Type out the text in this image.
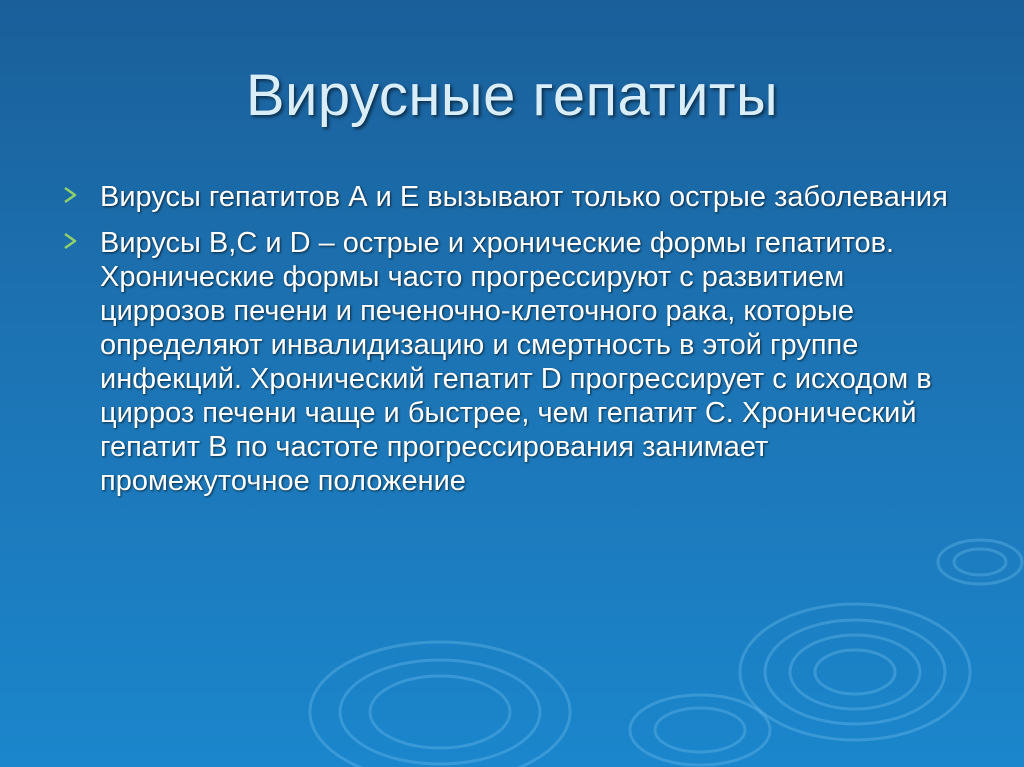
Вирусные гепатиты
Вирусы гепатитов А и Е вызывают только острые заболевания
Вирусы В,С и D – острые и хронические формы гепатитов. Хронические формы часто прогрессируют с развитием циррозов печени и печеночно-клеточного рака, которые определяют инвалидизацию и смертность в этой группе инфекций. Хронический гепатит D прогрессирует с исходом в цирроз печени чаще и быстрее, чем гепатит С. Хронический гепатит В по частоте прогрессирования занимает промежуточное положение
